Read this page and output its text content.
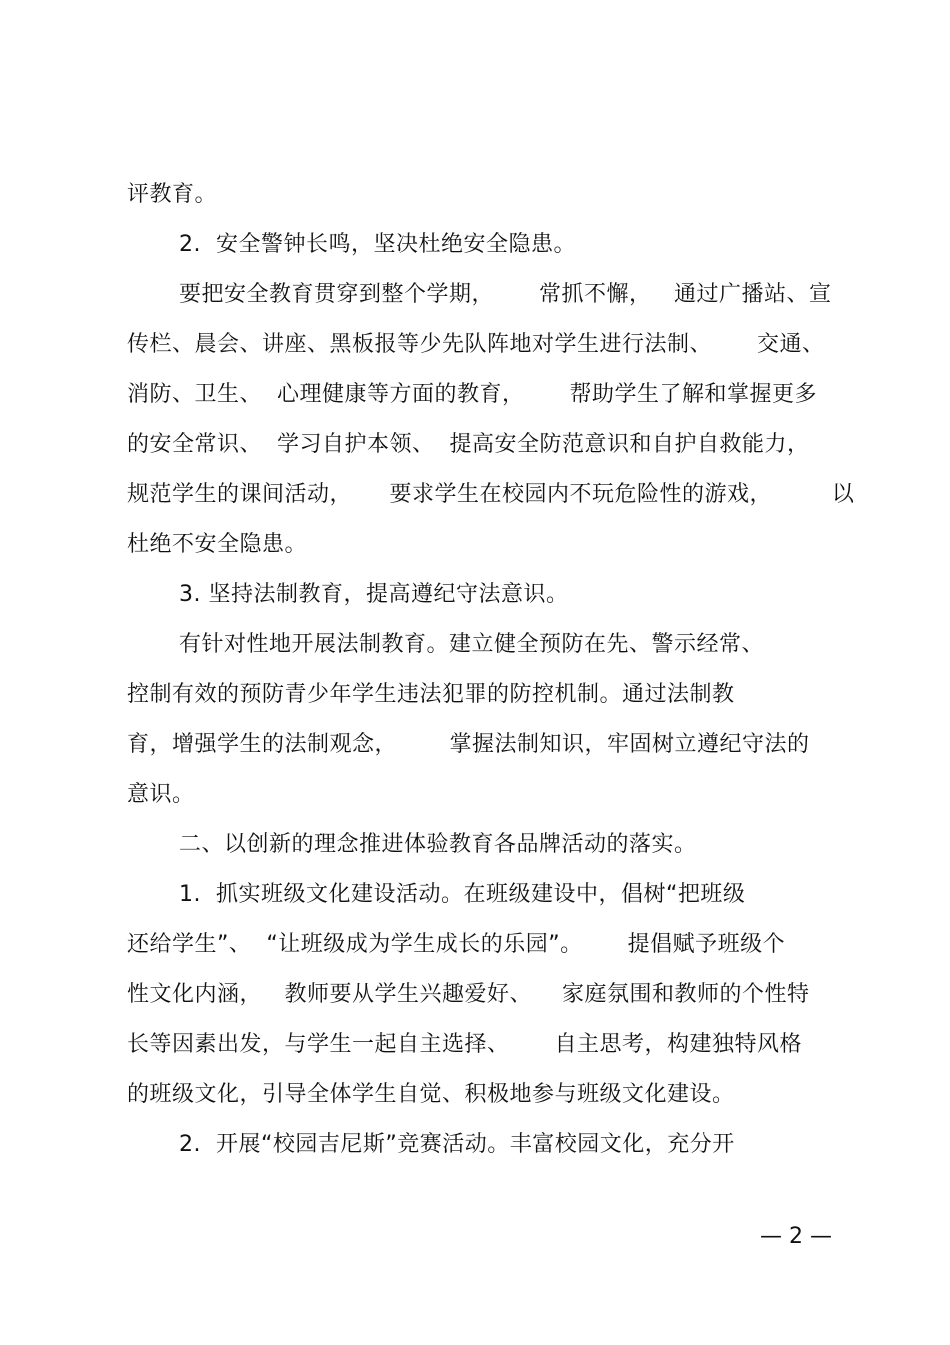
评教育。
2.  安全警钟长鸣，坚决杜绝安全隐患。
要把安全教育贯穿到整个学期，      常抓不懈，   通过广播站、宣
传栏、晨会、讲座、黑板报等少先队阵地对学生进行法制、      交通、
消防、卫生、  心理健康等方面的教育，      帮助学生了解和掌握更多
的安全常识、  学习自护本领、  提高安全防范意识和自护自救能力，
规范学生的课间活动，     要求学生在校园内不玩危险性的游戏，        以
杜绝不安全隐患。
3. 坚持法制教育，提高遵纪守法意识。
有针对性地开展法制教育。建立健全预防在先、警示经常、
控制有效的预防青少年学生违法犯罪的防控机制。通过法制教
育，增强学生的法制观念，       掌握法制知识，牢固树立遵纪守法的
意识。
二、以创新的理念推进体验教育各品牌活动的落实。
1.  抓实班级文化建设活动。在班级建设中，倡树“把班级
还给学生”、  “让班级成为学生成长的乐园”。      提倡赋予班级个
性文化内涵，   教师要从学生兴趣爱好、    家庭氛围和教师的个性特
长等因素出发，与学生一起自主选择、      自主思考，构建独特风格
的班级文化，引导全体学生自觉、积极地参与班级文化建设。
2.  开展“校园吉尼斯”竞赛活动。丰富校园文化，充分开
— 2 —
